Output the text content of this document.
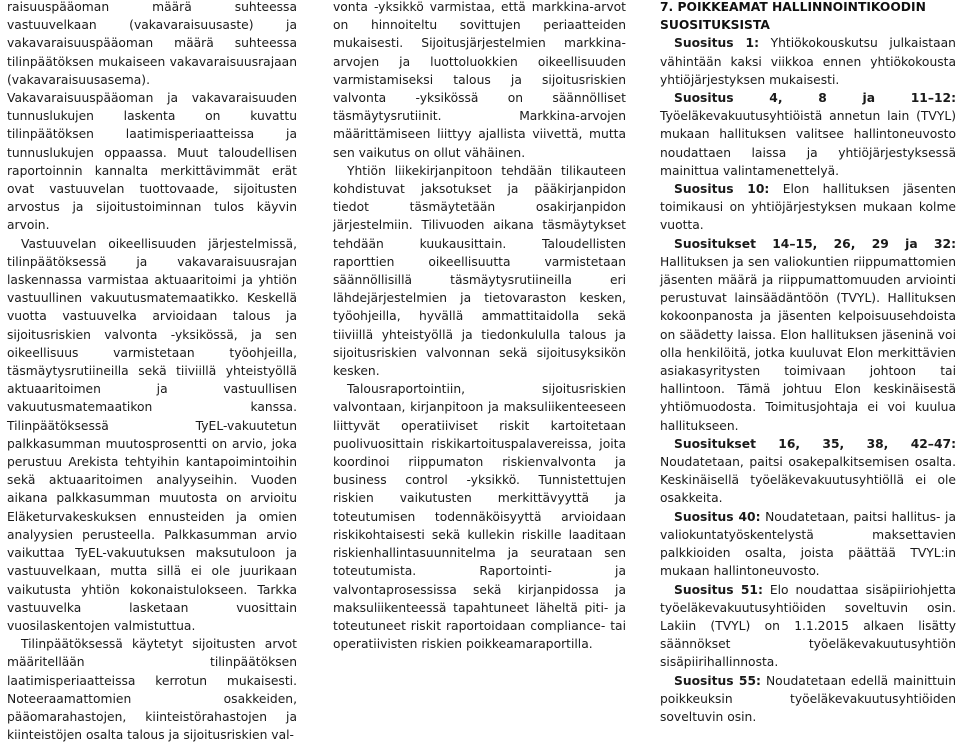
raisuuspääoman määrä suhteessa vastuuvelkaan (vakavaraisuusaste) ja vakavaraisuuspääoman määrä suhteessa tilinpäätöksen mukaiseen vakavaraisuusrajaan (vakavaraisuusasema). Vakavaraisuuspääoman ja vakavaraisuuden tunnuslukujen laskenta on kuvattu tilinpäätöksen laatimisperiaatteissa ja tunnuslukujen oppaassa. Muut taloudellisen raportoinnin kannalta merkittävimmät erät ovat vastuuvelan tuottovaade, sijoitusten arvostus ja sijoitustoiminnan tulos käyvin arvoin.

Vastuuvelan oikeellisuuden järjestelmissä, tilinpäätöksessä ja vakavaraisuusrajan laskennassa varmistaa aktuaaritoimi ja yhtiön vastuullinen vakuutusmatemaatikko. Keskellä vuotta vastuuvelka arvioidaan talous ja sijoitusriskien valvonta -yksikössä, ja sen oikeellisuus varmistetaan työohjeilla, täsmäytysrutiineilla sekä tiiviillä yhteistyöllä aktuaaritoimen ja vastuullisen vakuutusmatemaatikon kanssa. Tilinpäätöksessä TyEL-vakuutetun palkkasumman muutosprosentti on arvio, joka perustuu Arekista tehtyihin kantapoimintoihin sekä aktuaaritoimen analyyseihin. Vuoden aikana palkkasumman muutosta on arvioitu Eläketurvakeskuksen ennusteiden ja omien analyysien perusteella. Palkkasumman arvio vaikuttaa TyEL-vakuutuksen maksutuloon ja vastuuvelkaan, mutta sillä ei ole juurikaan vaikutusta yhtiön kokonaistulokseen. Tarkka vastuuvelka lasketaan vuosittain vuosilaskentojen valmistuttua.

Tilinpäätöksessä käytetyt sijoitusten arvot määritellään tilinpäätöksen laatimisperiaatteissa kerrotun mukaisesti. Noteeraamattomien osakkeiden, pääomarahastojen, kiinteistörahastojen ja kiinteistöjen osalta talous ja sijoitusriskien val-

vonta -yksikkö varmistaa, että markkina-arvot on hinnoiteltu sovittujen periaatteiden mukaisesti. Sijoitusjärjestelmien markkina-arvojen ja luottoluokkien oikeellisuuden varmistamiseksi talous ja sijoitusriskien valvonta -yksikössä on säännölliset täsmäytysrutiinit. Markkina-arvojen määrittämiseen liittyy ajallista viivettä, mutta sen vaikutus on ollut vähäinen.

Yhtiön liikekirjanpitoon tehdään tilikauteen kohdistuvat jaksotukset ja pääkirjanpidon tiedot täsmäytetään osakirjanpidon järjestelmiin. Tilivuoden aikana täsmäytykset tehdään kuukausittain. Taloudellisten raporttien oikeellisuutta varmistetaan säännöllisillä täsmäytysrutiineilla eri lähdejärjestelmien ja tietovaraston kesken, työohjeilla, hyvällä ammattitaidolla sekä tiiviillä yhteistyöllä ja tiedonkululla talous ja sijoitusriskien valvonnan sekä sijoitusyksikön kesken.

Talousraportointiin, sijoitusriskien valvontaan, kirjanpitoon ja maksuliikenteeseen liittyvät operatiiviset riskit kartoitetaan puolivuosittain riskikartoituspalavereissa, joita koordinoi riippumaton riskienvalvonta ja business control -yksikkö. Tunnistettujen riskien vaikutusten merkittävyyttä ja toteutumisen todennäköisyyttä arvioidaan riskikohtaisesti sekä kullekin riskille laaditaan riskienhallintasuunnitelma ja seurataan sen toteutumista. Raportointi- ja valvontaprosessissa sekä kirjanpidossa ja maksuliikenteessä tapahtuneet läheltä piti- ja toteutuneet riskit raportoidaan compliance- tai operatiivisten riskien poikkeamaraportilla.

7. POIKKEAMAT HALLINNOINTIKOODIN
SUOSITUKSISTA

Suositus 1: Yhtiökokouskutsu julkaistaan vähintään kaksi viikkoa ennen yhtiökokousta yhtiöjärjestyksen mukaisesti.

Suositus 4, 8 ja 11–12: Työeläkevakuutusyhtiöistä annetun lain (TVYL) mukaan hallituksen valitsee hallintoneuvosto noudattaen laissa ja yhtiöjärjestyksessä mainittua valintamenettelyä.

Suositus 10: Elon hallituksen jäsenten toimikausi on yhtiöjärjestyksen mukaan kolme vuotta.

Suositukset 14–15, 26, 29 ja 32: Hallituksen ja sen valiokuntien riippumattomien jäsenten määrä ja riippumattomuuden arviointi perustuvat lainsäädäntöön (TVYL). Hallituksen kokoonpanosta ja jäsenten kelpoisuusehdoista on säädetty laissa. Elon hallituksen jäseninä voi olla henkilöitä, jotka kuuluvat Elon merkittävien asiakasyritysten toimivaan johtoon tai hallintoon. Tämä johtuu Elon keskinäisestä yhtiömuodosta. Toimitusjohtaja ei voi kuulua hallitukseen.

Suositukset 16, 35, 38, 42–47: Noudatetaan, paitsi osakepalkitsemisen osalta. Keskinäisellä työeläkevakuutusyhtiöllä ei ole osakkeita.

Suositus 40: Noudatetaan, paitsi hallitus- ja valiokuntatyöskentelystä maksettavien palkkioiden osalta, joista päättää TVYL:in mukaan hallintoneuvosto.

Suositus 51: Elo noudattaa sisäpiiriohjetta työeläkevakuutusyhtiöiden soveltuvin osin. Lakiin (TVYL) on 1.1.2015 alkaen lisätty säännökset työeläkevakuutusyhtiön sisäpiirihallinnosta.

Suositus 55: Noudatetaan edellä mainittuin poikkeuksin työeläkevakuutusyhtiöiden soveltuvin osin.
